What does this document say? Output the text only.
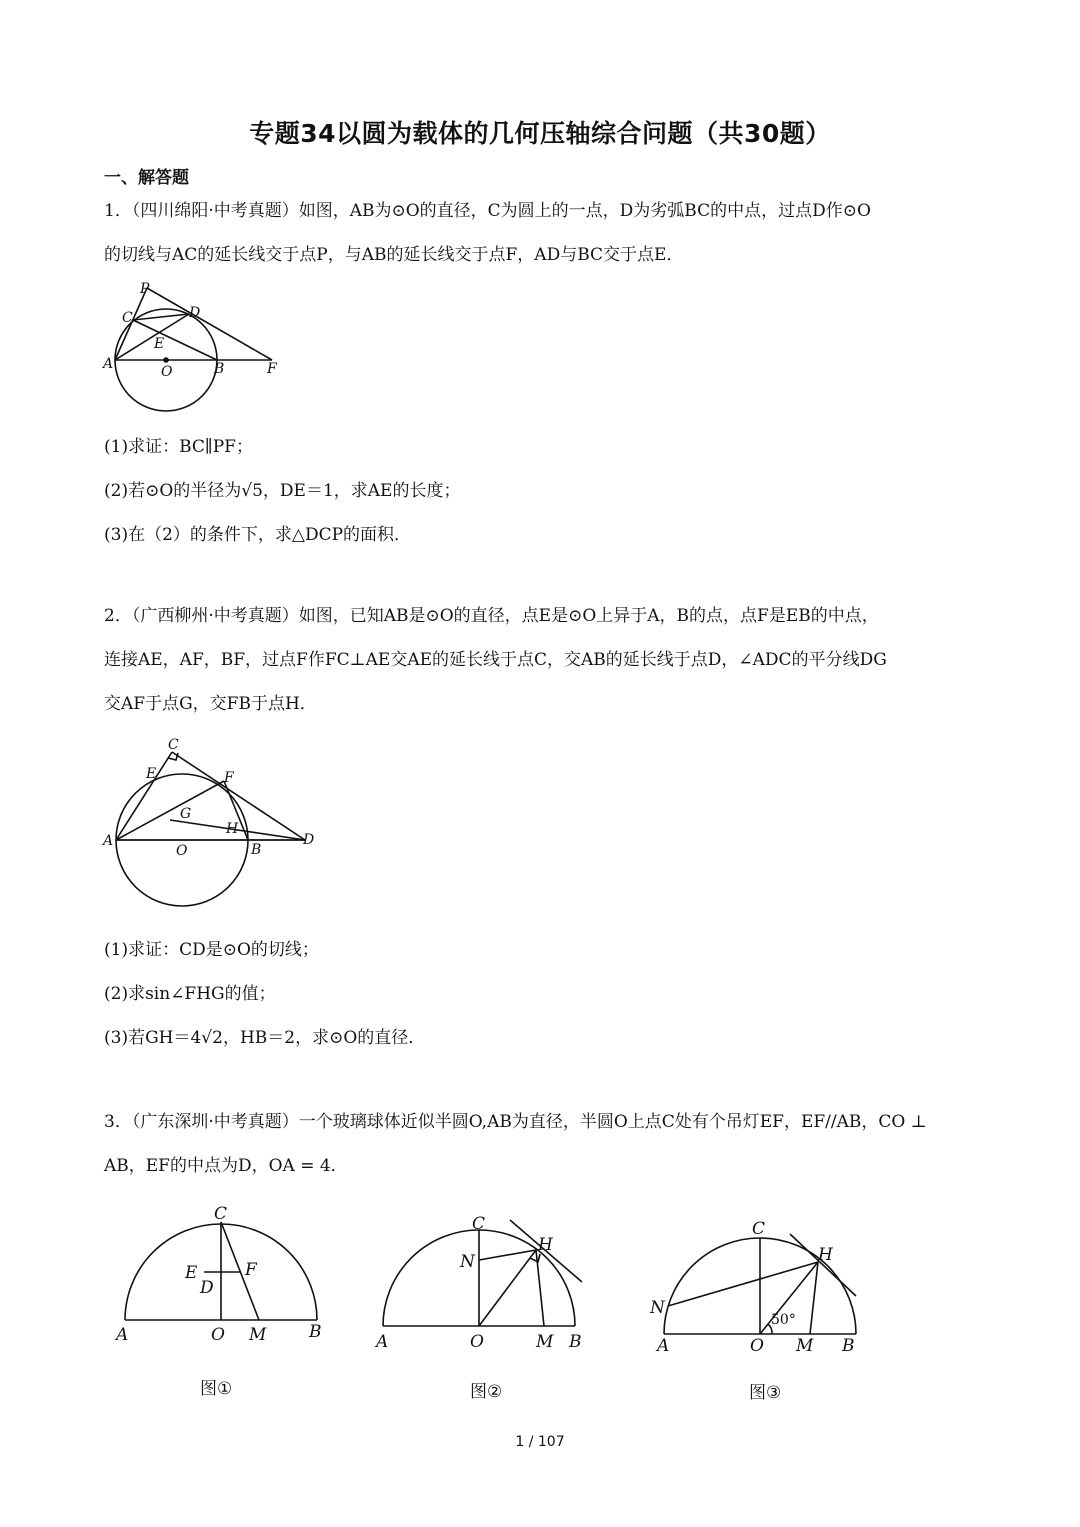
专题34以圆为载体的几何压轴综合问题（共30题）
一、解答题
1．（四川绵阳·中考真题）如图，AB为⊙O的直径，C为圆上的一点，D为劣弧BC的中点，过点D作⊙O
的切线与AC的延长线交于点P，与AB的延长线交于点F，AD与BC交于点E．
P
C	D
E
A	O	B	F
(1)求证：BC∥PF；
(2)若⊙O的半径为√5，DE＝1，求AE的长度；
(3)在（2）的条件下，求△DCP的面积．
2．（广西柳州·中考真题）如图，已知AB是⊙O的直径，点E是⊙O上异于A，B的点，点F是EB的中点，
连接AE，AF，BF，过点F作FC⊥AE交AE的延长线于点C，交AB的延长线于点D，∠ADC的平分线DG
交AF于点G，交FB于点H．
C
E	F
G
H
A
O	B
D
(1)求证：CD是⊙O的切线；
(2)求sin∠FHG的值；
(3)若GH＝4√2，HB＝2，求⊙O的直径．
3．（广东深圳·中考真题）一个玻璃球体近似半圆O,AB为直径，半圆O上点C处有个吊灯EF，EF//AB，CO ⊥
AB，EF的中点为D，OA = 4．
C
E
D
F
A	O M	B
图①
C
H
N
A	O	M B
图②
C
H
N
50°
A	O M B
图③
1 / 107
